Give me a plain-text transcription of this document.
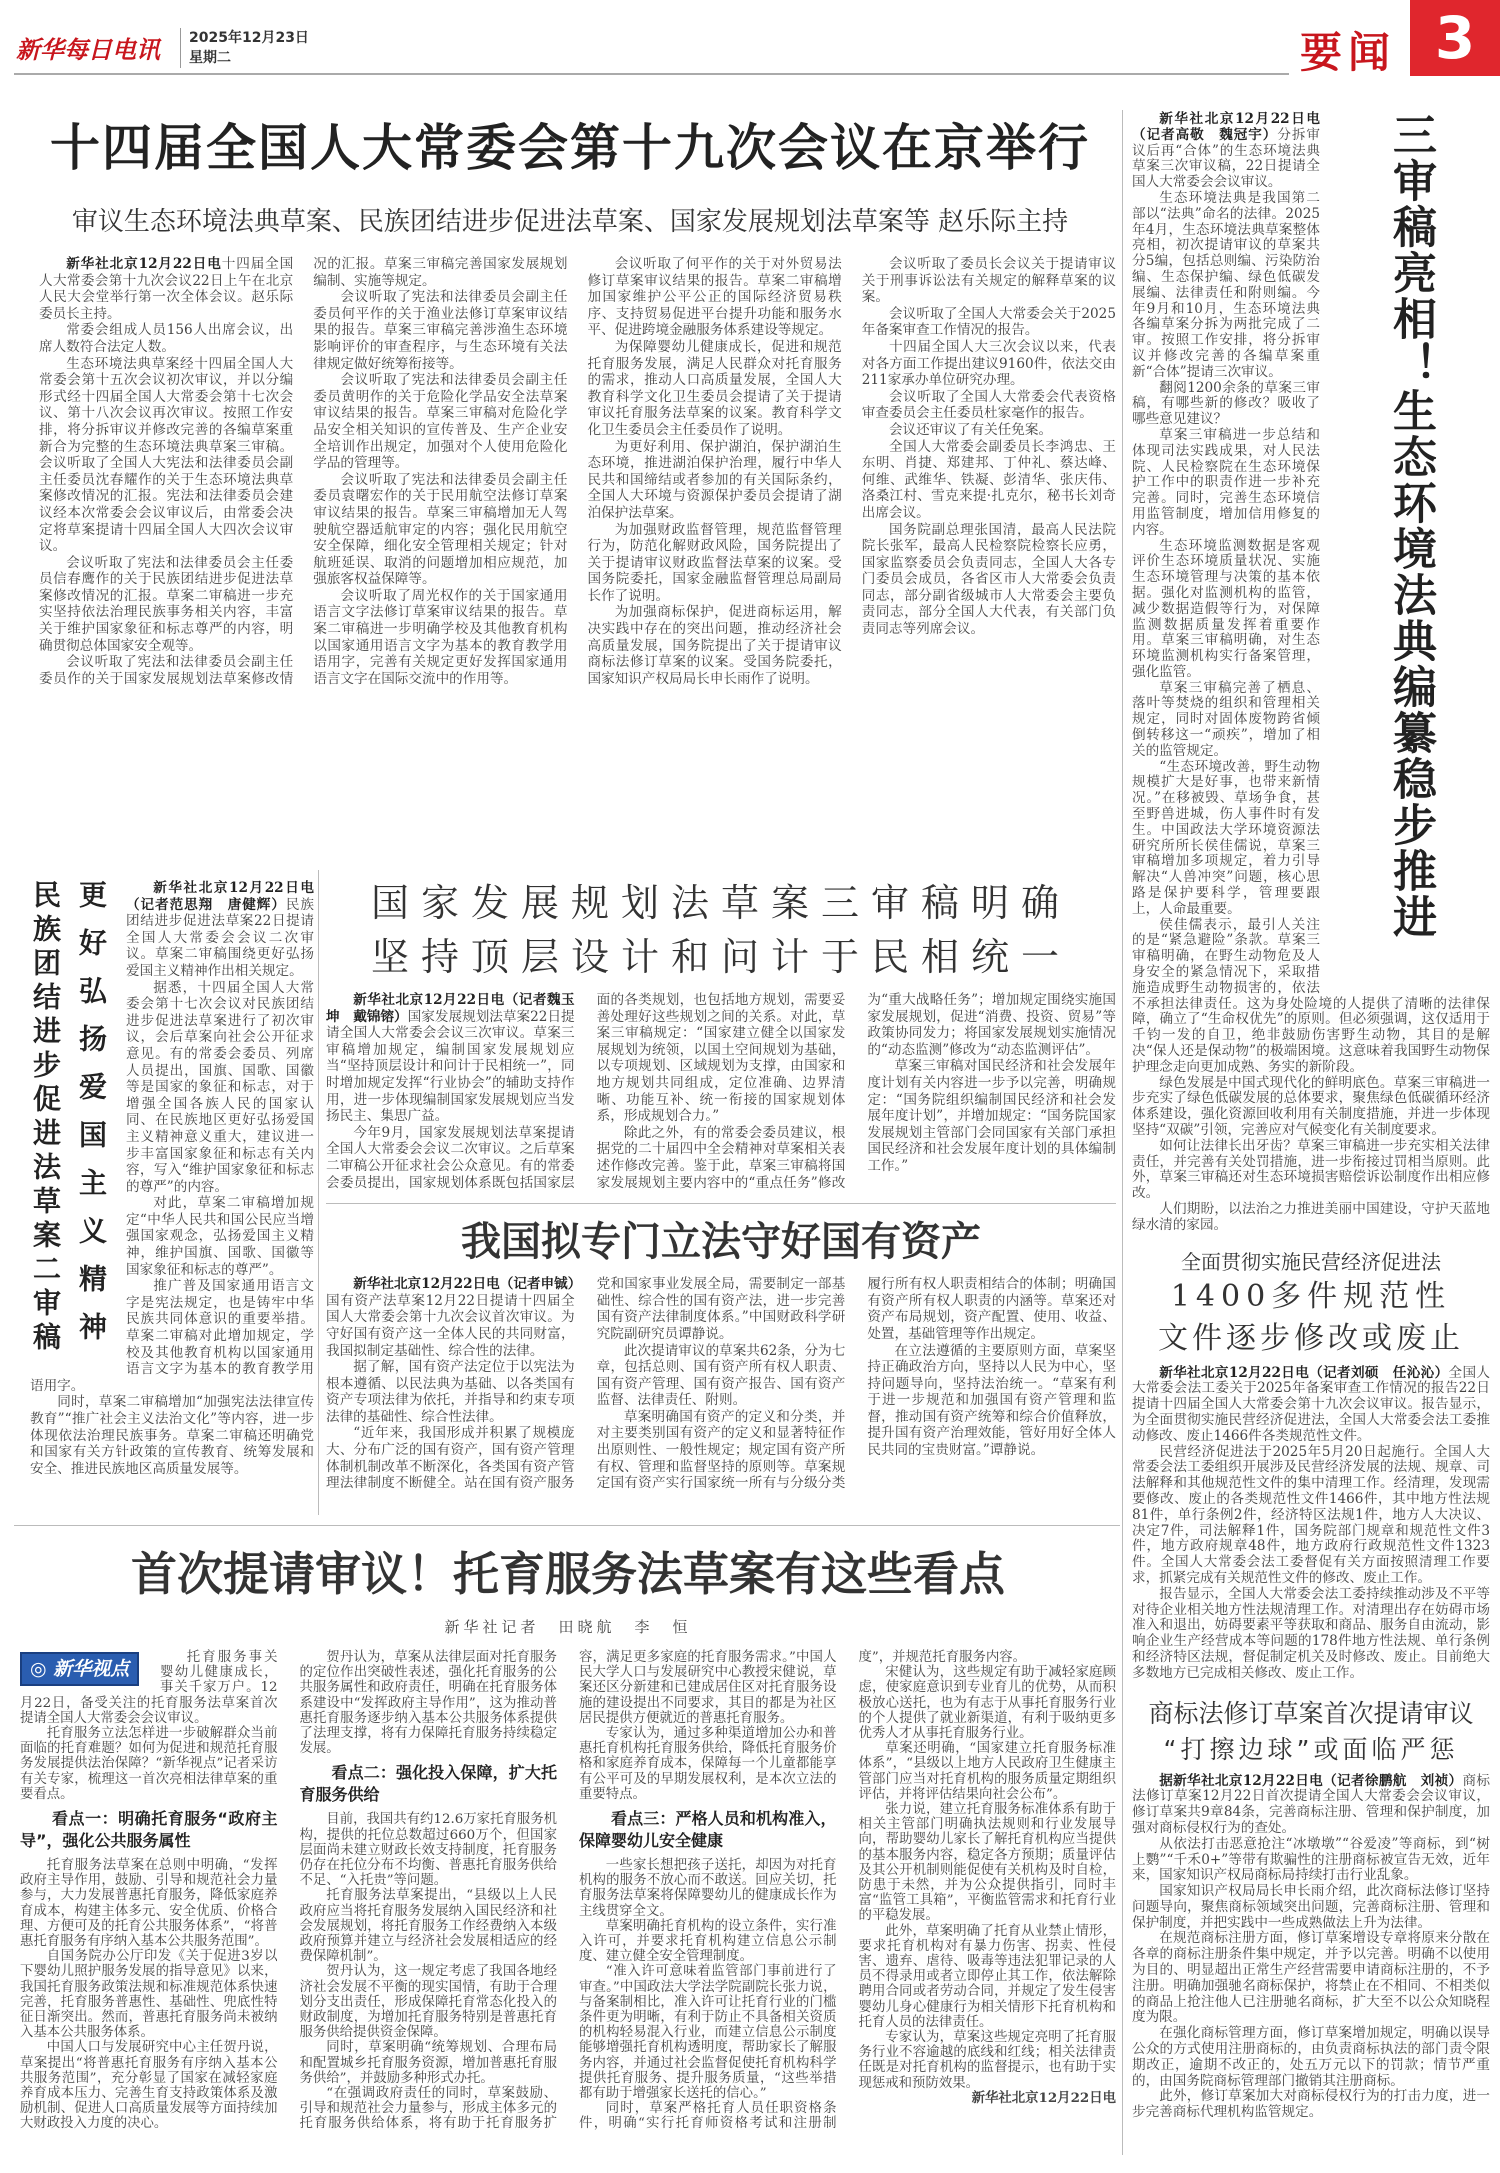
新华每日电讯 2025年12月23日
星期二	要闻 3
十四届全国人大常委会第十九次会议在京举行
审议生态环境法典草案、民族团结进步促进法草案、国家发展规划法草案等 赵乐际主持

新华社北京12月22日电十四届全国人大常委会第十九次会议22日上午在北京人民大会堂举行第一次全体会议。赵乐际委员长主持。

常委会组成人员156人出席会议，出席人数符合法定人数。

生态环境法典草案经十四届全国人大常委会第十五次会议初次审议，并以分编形式经十四届全国人大常委会第十七次会议、第十八次会议再次审议。按照工作安排，将分拆审议并修改完善的各编草案重新合为完整的生态环境法典草案三审稿。会议听取了全国人大宪法和法律委员会副主任委员沈春耀作的关于生态环境法典草案修改情况的汇报。宪法和法律委员会建议经本次常委会会议审议后，由常委会决定将草案提请十四届全国人大四次会议审议。

会议听取了宪法和法律委员会主任委员信春鹰作的关于民族团结进步促进法草案修改情况的汇报。草案二审稿进一步充实坚持依法治理民族事务相关内容，丰富关于维护国家象征和标志尊严的内容，明确贯彻总体国家安全观等。

会议听取了宪法和法律委员会副主任委员作的关于国家发展规划法草案修改情况的汇报。草案三审稿完善国家发展规划编制、实施等规定。

会议听取了宪法和法律委员会副主任委员何平作的关于渔业法修订草案审议结果的报告。草案三审稿完善涉渔生态环境影响评价的审查程序，与生态环境有关法律规定做好统筹衔接等。

会议听取了宪法和法律委员会副主任委员黄明作的关于危险化学品安全法草案审议结果的报告。草案三审稿对危险化学品安全相关知识的宣传普及、生产企业安全培训作出规定，加强对个人使用危险化学品的管理等。

会议听取了宪法和法律委员会副主任委员袁曙宏作的关于民用航空法修订草案审议结果的报告。草案三审稿增加无人驾驶航空器适航审定的内容；强化民用航空安全保障，细化安全管理相关规定；针对航班延误、取消的问题增加相应规范，加强旅客权益保障等。

会议听取了周光权作的关于国家通用语言文字法修订草案审议结果的报告。草案二审稿进一步明确学校及其他教育机构以国家通用语言文字为基本的教育教学用语用字，完善有关规定更好发挥国家通用语言文字在国际交流中的作用等。

会议听取了何平作的关于对外贸易法修订草案审议结果的报告。草案二审稿增加国家维护公平公正的国际经济贸易秩序、支持贸易促进平台提升功能和服务水平、促进跨境金融服务体系建设等规定。

为保障婴幼儿健康成长，促进和规范托育服务发展，满足人民群众对托育服务的需求，推动人口高质量发展，全国人大教育科学文化卫生委员会提请了关于提请审议托育服务法草案的议案。教育科学文化卫生委员会主任委员作了说明。

为更好利用、保护湖泊，保护湖泊生态环境，推进湖泊保护治理，履行中华人民共和国缔结或者参加的有关国际条约，全国人大环境与资源保护委员会提请了湖泊保护法草案。

为加强财政监督管理，规范监督管理行为，防范化解财政风险，国务院提出了关于提请审议财政监督法草案的议案。受国务院委托，国家金融监督管理总局副局长作了说明。

为加强商标保护，促进商标运用，解决实践中存在的突出问题，推动经济社会高质量发展，国务院提出了关于提请审议商标法修订草案的议案。受国务院委托，国家知识产权局局长申长雨作了说明。

会议听取了委员长会议关于提请审议关于刑事诉讼法有关规定的解释草案的议案。

会议听取了全国人大常委会关于2025年备案审查工作情况的报告。

十四届全国人大三次会议以来，代表对各方面工作提出建议9160件，依法交由211家承办单位研究办理。

会议听取了全国人大常委会代表资格审查委员会主任委员杜家毫作的报告。

会议还审议了有关任免案。

全国人大常委会副委员长李鸿忠、王东明、肖捷、郑建邦、丁仲礼、蔡达峰、何维、武维华、铁凝、彭清华、张庆伟、洛桑江村、雪克来提·扎克尔，秘书长刘奇出席会议。

国务院副总理张国清，最高人民法院院长张军，最高人民检察院检察长应勇，国家监察委员会负责同志，全国人大各专门委员会成员，各省区市人大常委会负责同志，部分副省级城市人大常委会主要负责同志，部分全国人大代表，有关部门负责同志等列席会议。	三审稿亮相！生态环境法典编纂稳步推进

新华社北京12月22日电（记者高敬　魏冠宇）分拆审议后再“合体”的生态环境法典草案三次审议稿，22日提请全国人大常委会会议审议。

生态环境法典是我国第二部以“法典”命名的法律。2025年4月，生态环境法典草案整体亮相，初次提请审议的草案共分5编，包括总则编、污染防治编、生态保护编、绿色低碳发展编、法律责任和附则编。今年9月和10月，生态环境法典各编草案分拆为两批完成了二审。按照工作安排，将分拆审议并修改完善的各编草案重新“合体”提请三次审议。

翻阅1200余条的草案三审稿，有哪些新的修改？吸收了哪些意见建议？

草案三审稿进一步总结和体现司法实践成果，对人民法院、人民检察院在生态环境保护工作中的职责作进一步补充完善。同时，完善生态环境信用监管制度，增加信用修复的内容。

生态环境监测数据是客观评价生态环境质量状况、实施生态环境管理与决策的基本依据。强化对监测机构的监管，减少数据造假等行为，对保障监测数据质量发挥着重要作用。草案三审稿明确，对生态环境监测机构实行备案管理，强化监管。

草案三审稿完善了栖息、落叶等焚烧的组织和管理相关规定，同时对固体废物跨省倾倒转移这一“顽疾”，增加了相关的监管规定。

“生态环境改善，野生动物规模扩大是好事，也带来新情况。”在移被毁、草场争食，甚至野兽进城，伤人事件时有发生。中国政法大学环境资源法研究所所长侯佳儒说，草案三审稿增加多项规定，着力引导解决“人兽冲突”问题，核心思路是保护要科学，管理要跟上，人命最重要。

侯佳儒表示，最引人关注的是“紧急避险”条款。草案三审稿明确，在野生动物危及人身安全的紧急情况下，采取措施造成野生动物损害的，依法不承担法律责任。这为身处险境的人提供了清晰的法律保障，确立了“生命权优先”的原则。但必须强调，这仅适用于千钧一发的自卫，绝非鼓励伤害野生动物，其目的是解决“保人还是保动物”的极端困境。这意味着我国野生动物保护理念走向更加成熟、务实的新阶段。

绿色发展是中国式现代化的鲜明底色。草案三审稿进一步充实了绿色低碳发展的总体要求，聚焦绿色低碳循环经济体系建设，强化资源回收利用有关制度措施，并进一步体现坚持“双碳”引领，完善应对气候变化有关制度要求。

如何让法律长出牙齿？草案三审稿进一步充实相关法律责任，并完善有关处罚措施，进一步衔接过罚相当原则。此外，草案三审稿还对生态环境损害赔偿诉讼制度作出相应修改。

人们期盼，以法治之力推进美丽中国建设，守护天蓝地绿水清的家园。

全面贯彻实施民营经济促进法
1400多件规范性
文件逐步修改或废止

新华社北京12月22日电（记者刘硕　任沁沁）全国人大常委会法工委关于2025年备案审查工作情况的报告22日提请十四届全国人大常委会第十九次会议审议。报告显示，为全面贯彻实施民营经济促进法，全国人大常委会法工委推动修改、废止1466件各类规范性文件。

民营经济促进法于2025年5月20日起施行。全国人大常委会法工委组织开展涉及民营经济发展的法规、规章、司法解释和其他规范性文件的集中清理工作。经清理，发现需要修改、废止的各类规范性文件1466件，其中地方性法规81件，单行条例2件，经济特区法规1件，地方人大决议、决定7件，司法解释1件，国务院部门规章和规范性文件3件，地方政府规章48件，地方政府行政规范性文件1323件。全国人大常委会法工委督促有关方面按照清理工作要求，抓紧完成有关规范性文件的修改、废止工作。

报告显示，全国人大常委会法工委持续推动涉及不平等对待企业相关地方性法规清理工作。对清理出存在妨碍市场准入和退出，妨碍要素平等获取和商品、服务自由流动，影响企业生产经营成本等问题的178件地方性法规、单行条例和经济特区法规，督促制定机关及时修改、废止。目前绝大多数地方已完成相关修改、废止工作。

商标法修订草案首次提请审议
“打擦边球”或面临严惩

据新华社北京12月22日电（记者徐鹏航　刘祯）商标法修订草案12月22日首次提请全国人大常委会会议审议，修订草案共9章84条，完善商标注册、管理和保护制度，加强对商标侵权行为的查处。

从依法打击恶意抢注“冰墩墩”“谷爱凌”等商标，到“树上鹦”“千禾0+”等带有欺骗性的注册商标被宣告无效，近年来，国家知识产权局商标局持续打击行业乱象。

国家知识产权局局长申长雨介绍，此次商标法修订坚持问题导向，聚焦商标领域突出问题，完善商标注册、管理和保护制度，并把实践中一些成熟做法上升为法律。

在规范商标注册方面，修订草案增设专章将原来分散在各章的商标注册条件集中规定，并予以完善。明确不以使用为目的、明显超出正常生产经营需要申请商标注册的，不予注册。明确加强驰名商标保护，将禁止在不相同、不相类似的商品上抢注他人已注册驰名商标，扩大至不以公众知晓程度为限。

在强化商标管理方面，修订草案增加规定，明确以误导公众的方式使用注册商标的，由负责商标执法的部门责令限期改正，逾期不改正的，处五万元以下的罚款；情节严重的，由国务院商标管理部门撤销其注册商标。

此外，修订草案加大对商标侵权行为的打击力度，进一步完善商标代理机构监管规定。

民族团结进步促进法草案二审稿 更好弘扬爱国主义精神	新华社北京12月22日电（记者范思翔　唐健辉）民族团结进步促进法草案22日提请全国人大常委会会议二次审议。草案二审稿围绕更好弘扬爱国主义精神作出相关规定。

据悉，十四届全国人大常委会第十七次会议对民族团结进步促进法草案进行了初次审议，会后草案向社会公开征求意见。有的常委会委员、列席人员提出，国旗、国歌、国徽等是国家的象征和标志，对于增强全国各族人民的国家认同、在民族地区更好弘扬爱国主义精神意义重大，建议进一步丰富国家象征和标志有关内容，写入“维护国家象征和标志的尊严”的内容。

对此，草案二审稿增加规定“中华人民共和国公民应当增强国家观念，弘扬爱国主义精神，维护国旗、国歌、国徽等国家象征和标志的尊严”。

推广普及国家通用语言文字是宪法规定，也是铸牢中华民族共同体意识的重要举措。草案二审稿对此增加规定，学校及其他教育机构以国家通用语言文字为基本的教育教学用语用字。

同时，草案二审稿增加“加强宪法法律宣传教育”“推广社会主义法治文化”等内容，进一步体现依法治理民族事务。草案二审稿还明确党和国家有关方针政策的宣传教育、统筹发展和安全、推进民族地区高质量发展等。

国家发展规划法草案三审稿明确
坚持顶层设计和问计于民相统一

新华社北京12月22日电（记者魏玉坤　戴锦镕）国家发展规划法草案22日提请全国人大常委会会议三次审议。草案三审稿增加规定，编制国家发展规划应当“坚持顶层设计和问计于民相统一”，同时增加规定发挥“行业协会”的辅助支持作用，进一步体现编制国家发展规划应当发扬民主、集思广益。

今年9月，国家发展规划法草案提请全国人大常委会会议二次审议。之后草案二审稿公开征求社会公众意见。有的常委会委员提出，国家规划体系既包括国家层面的各类规划，也包括地方规划，需要妥善处理好这些规划之间的关系。对此，草案三审稿规定：“国家建立健全以国家发展规划为统领，以国土空间规划为基础，以专项规划、区域规划为支撑，由国家和地方规划共同组成，定位准确、边界清晰、功能互补、统一衔接的国家规划体系，形成规划合力。”

除此之外，有的常委会委员建议，根据党的二十届四中全会精神对草案相关表述作修改完善。鉴于此，草案三审稿将国家发展规划主要内容中的“重点任务”修改为“重大战略任务”；增加规定围绕实施国家发展规划，促进“消费、投资、贸易”等政策协同发力；将国家发展规划实施情况的“动态监测”修改为“动态监测评估”。

草案三审稿对国民经济和社会发展年度计划有关内容进一步予以完善，明确规定：“国务院组织编制国民经济和社会发展年度计划”，并增加规定：“国务院国家发展规划主管部门会同国家有关部门承担国民经济和社会发展年度计划的具体编制工作。”

我国拟专门立法守好国有资产

新华社北京12月22日电（记者申铖）国有资产法草案12月22日提请十四届全国人大常委会第十九次会议首次审议。为守好国有资产这一全体人民的共同财富，我国拟制定基础性、综合性的法律。

据了解，国有资产法定位于以宪法为根本遵循、以民法典为基础、以各类国有资产专项法律为依托，并指导和约束专项法律的基础性、综合性法律。

“近年来，我国形成并积累了规模庞大、分布广泛的国有资产，国有资产管理体制机制改革不断深化，各类国有资产管理法律制度不断健全。站在国有资产服务党和国家事业发展全局，需要制定一部基础性、综合性的国有资产法，进一步完善国有资产法律制度体系。”中国财政科学研究院副研究员谭静说。

此次提请审议的草案共62条，分为七章，包括总则、国有资产所有权人职责、国有资产管理、国有资产报告、国有资产监督、法律责任、附则。

草案明确国有资产的定义和分类，并对主要类别国有资产的定义和显著特征作出原则性、一般性规定；规定国有资产所有权、管理和监督坚持的原则等。草案规定国有资产实行国家统一所有与分级分类履行所有权人职责相结合的体制；明确国有资产所有权人职责的内涵等。草案还对资产布局规划，资产配置、使用、收益、处置，基础管理等作出规定。

在立法遵循的主要原则方面，草案坚持正确政治方向，坚持以人民为中心，坚持问题导向，坚持法治统一。“草案有利于进一步规范和加强国有资产管理和监督，推动国有资产统筹和综合价值释放，提升国有资产治理效能，管好用好全体人民共同的宝贵财富。”谭静说。

首次提请审议！托育服务法草案有这些看点
新华社记者　田晓航　李　恒
◎ 新华视点

托育服务事关婴幼儿健康成长，事关千家万户。12月22日，备受关注的托育服务法草案首次提请全国人大常委会会议审议。

托育服务立法怎样进一步破解群众当前面临的托育难题？如何为促进和规范托育服务发展提供法治保障？“新华视点”记者采访有关专家，梳理这一首次亮相法律草案的重要看点。

看点一：明确托育服务“政府主导”，强化公共服务属性

托育服务法草案在总则中明确，“发挥政府主导作用，鼓励、引导和规范社会力量参与，大力发展普惠托育服务，降低家庭养育成本，构建主体多元、安全优质、价格合理、方便可及的托育公共服务体系”，“将普惠托育服务有序纳入基本公共服务范围”。

自国务院办公厅印发《关于促进3岁以下婴幼儿照护服务发展的指导意见》以来，我国托育服务政策法规和标准规范体系快速完善，托育服务普惠性、基础性、兜底性特征日渐突出。然而，普惠托育服务尚未被纳入基本公共服务体系。

中国人口与发展研究中心主任贺丹说，草案提出“将普惠托育服务有序纳入基本公共服务范围”，充分彰显了国家在减轻家庭养育成本压力、完善生育支持政策体系及激励机制、促进人口高质量发展等方面持续加大财政投入力度的决心。

贺丹认为，草案从法律层面对托育服务的定位作出突破性表述，强化托育服务的公共服务属性和政府责任，明确在托育服务体系建设中“发挥政府主导作用”，这为推动普惠托育服务逐步纳入基本公共服务体系提供了法理支撑，将有力保障托育服务持续稳定发展。

看点二：强化投入保障，扩大托育服务供给

目前，我国共有约12.6万家托育服务机构，提供的托位总数超过660万个，但国家层面尚未建立财政长效支持制度，托育服务仍存在托位分布不均衡、普惠托育服务供给不足、“入托贵”等问题。

托育服务法草案提出，“县级以上人民政府应当将托育服务发展纳入国民经济和社会发展规划，将托育服务工作经费纳入本级政府预算并建立与经济社会发展相适应的经费保障机制”。

贺丹认为，这一规定考虑了我国各地经济社会发展不平衡的现实国情，有助于合理划分支出责任，形成保障托育常态化投入的财政制度，为增加托育服务特别是普惠托育服务供给提供资金保障。

同时，草案明确“统筹规划、合理布局和配置城乡托育服务资源，增加普惠托育服务供给”，并鼓励多种形式办托。

“在强调政府责任的同时，草案鼓励、引导和规范社会力量参与，形成主体多元的托育服务供给体系，将有助于托育服务扩容，满足更多家庭的托育服务需求。”中国人民大学人口与发展研究中心教授宋健说，草案还区分新建和已建成居住区对托育服务设施的建设提出不同要求，其目的都是为社区居民提供方便就近的普惠托育服务。

专家认为，通过多种渠道增加公办和普惠托育机构托育服务供给，降低托育服务价格和家庭养育成本，保障每一个儿童都能享有公平可及的早期发展权利，是本次立法的重要特点。

看点三：严格人员和机构准入，保障婴幼儿安全健康

一些家长想把孩子送托，却因为对托育机构的服务不放心而不敢送。回应关切，托育服务法草案将保障婴幼儿的健康成长作为主线贯穿全文。

草案明确托育机构的设立条件，实行准入许可，并要求托育机构建立信息公示制度、建立健全安全管理制度。

“准入许可意味着监管部门事前进行了审查。”中国政法大学法学院副院长张力说，与备案制相比，准入许可让托育行业的门槛条件更为明晰，有利于防止不具备相关资质的机构轻易混入行业，而建立信息公示制度能够增强托育机构透明度，帮助家长了解服务内容，并通过社会监督促使托育机构科学提供托育服务、提升服务质量，“这些举措都有助于增强家长送托的信心。”

同时，草案严格托育人员任职资格条件，明确“实行托育师资格考试和注册制度”，并规范托育服务内容。

宋健认为，这些规定有助于减轻家庭顾虑，使家庭意识到专业育儿的优势，从而积极放心送托，也为有志于从事托育服务行业的个人提供了就业新渠道，有利于吸纳更多优秀人才从事托育服务行业。

草案还明确，“国家建立托育服务标准体系”，“县级以上地方人民政府卫生健康主管部门应当对托育机构的服务质量定期组织评估，并将评估结果向社会公布”。

张力说，建立托育服务标准体系有助于相关主管部门明确执法规则和行业发展导向，帮助婴幼儿家长了解托育机构应当提供的基本服务内容，稳定各方预期；质量评估及其公开机制则能促使有关机构及时自检，防患于未然，并为公众提供指引，同时丰富“监管工具箱”，平衡监管需求和托育行业的平稳发展。

此外，草案明确了托育从业禁止情形，要求托育机构对有暴力伤害、拐卖、性侵害、遗弃、虐待、吸毒等违法犯罪记录的人员不得录用或者立即停止其工作，依法解除聘用合同或者劳动合同，并规定了发生侵害婴幼儿身心健康行为相关情形下托育机构和托育人员的法律责任。

专家认为，草案这些规定亮明了托育服务行业不容逾越的底线和红线；相关法律责任既是对托育机构的监督提示，也有助于实现惩戒和预防效果。

新华社北京12月22日电
